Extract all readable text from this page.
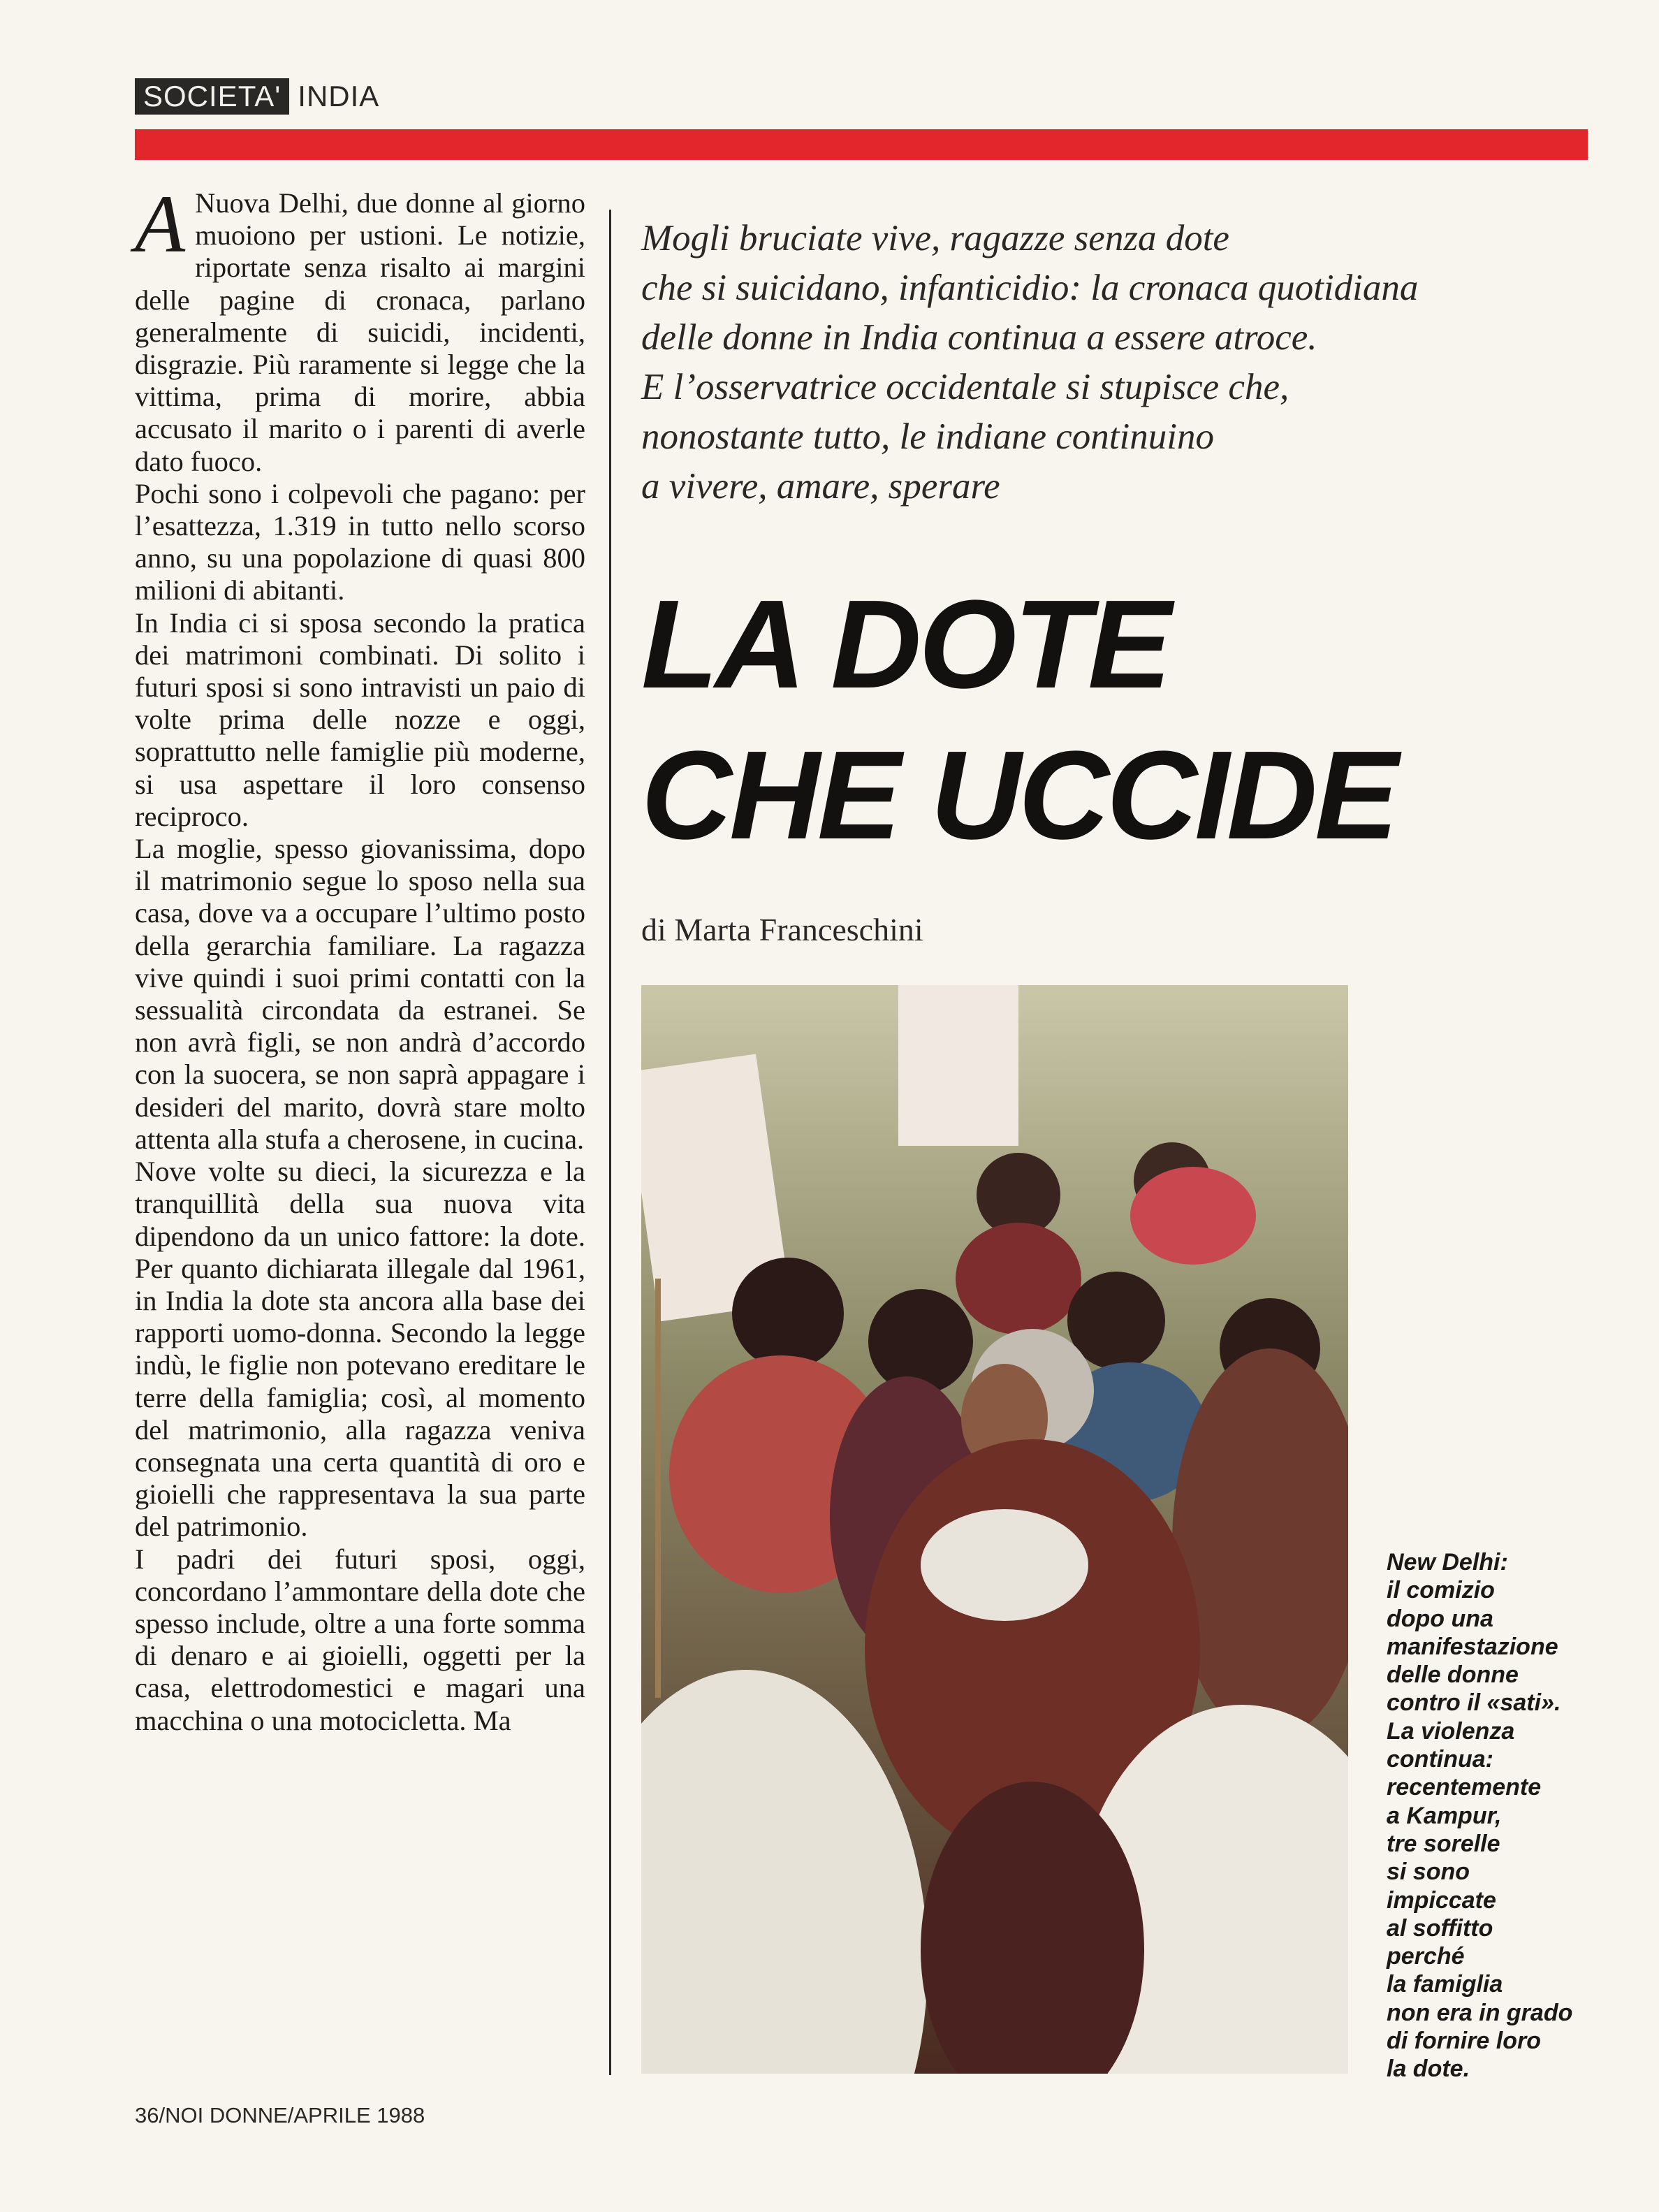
SOCIETA' INDIA
A Nuova Delhi, due donne al giorno muoiono per ustioni. Le notizie, riportate senza risalto ai margini delle pagine di cronaca, parlano generalmente di suicidi, incidenti, disgrazie. Più raramente si legge che la vittima, prima di morire, abbia accusato il marito o i parenti di averle dato fuoco.

Pochi sono i colpevoli che pagano: per l’esattezza, 1.319 in tutto nello scorso anno, su una popolazione di quasi 800 milioni di abitanti.

In India ci si sposa secondo la pratica dei matrimoni combinati. Di solito i futuri sposi si sono intravisti un paio di volte prima delle nozze e oggi, soprattutto nelle famiglie più moderne, si usa aspettare il loro consenso reciproco.

La moglie, spesso giovanissima, dopo il matrimonio segue lo sposo nella sua casa, dove va a occupare l’ultimo posto della gerarchia familiare. La ragazza vive quindi i suoi primi contatti con la sessualità circondata da estranei. Se non avrà figli, se non andrà d’accordo con la suocera, se non saprà appagare i desideri del marito, dovrà stare molto attenta alla stufa a cherosene, in cucina.

Nove volte su dieci, la sicurezza e la tranquillità della sua nuova vita dipendono da un unico fattore: la dote. Per quanto dichiarata illegale dal 1961, in India la dote sta ancora alla base dei rapporti uomo-donna. Secondo la legge indù, le figlie non potevano ereditare le terre della famiglia; così, al momento del matrimonio, alla ragazza veniva consegnata una certa quantità di oro e gioielli che rappresentava la sua parte del patrimonio.

I padri dei futuri sposi, oggi, concordano l’ammontare della dote che spesso include, oltre a una forte somma di denaro e ai gioielli, oggetti per la casa, elettrodomestici e magari una macchina o una motocicletta. Ma

Mogli bruciate vive, ragazze senza dote
che si suicidano, infanticidio: la cronaca quotidiana
delle donne in India continua a essere atroce.
E l’osservatrice occidentale si stupisce che,
nonostante tutto, le indiane continuino
a vivere, amare, sperare
LA DOTE
CHE UCCIDE
di Marta Franceschini
New Delhi:
il comizio
dopo una
manifestazione
delle donne
contro il «sati».
La violenza
continua:
recentemente
a Kampur,
tre sorelle
si sono
impiccate
al soffitto
perché
la famiglia
non era in grado
di fornire loro
la dote.
36/NOI DONNE/APRILE 1988
